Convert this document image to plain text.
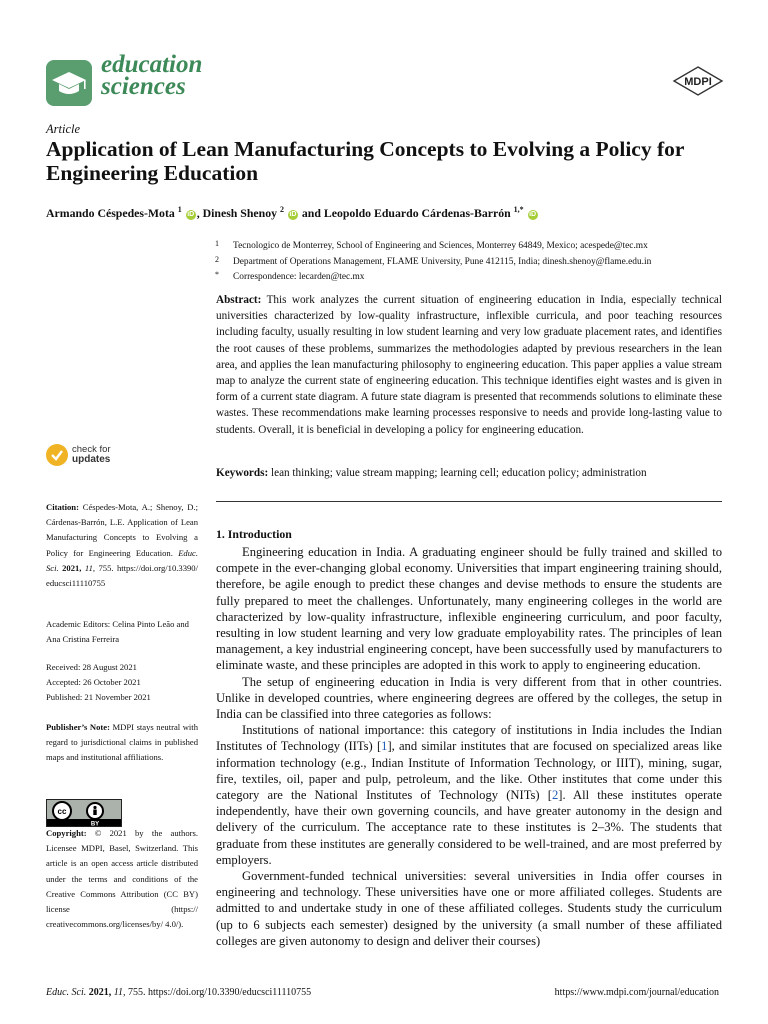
education
sciences	MDPI
Article
Application of Lean Manufacturing Concepts to Evolving a Policy for Engineering Education
Armando Céspedes-Mota $^1$ iD , Dinesh Shenoy $^2$ iD and Leopoldo Eduardo Cárdenas-Barrón $^{1,*}$ iD
1 Tecnologico de Monterrey, School of Engineering and Sciences, Monterrey 64849, Mexico; acespede@tec.mx
2 Department of Operations Management, FLAME University, Pune 412115, India; dinesh.shenoy@flame.edu.in
* Correspondence: lecarden@tec.mx
Abstract: This work analyzes the current situation of engineering education in India, especially technical universities characterized by low-quality infrastructure, inflexible curricula, and poor teaching resources including faculty, usually resulting in low student learning and very low graduate placement rates, and identifies the root causes of these problems, summarizes the methodologies adapted by previous researchers in the lean area, and applies the lean manufacturing philosophy to engineering education. This paper applies a value stream map to analyze the current state of engineering education. This technique identifies eight wastes and is given in form of a current state diagram. A future state diagram is presented that recommends solutions to eliminate these wastes. These recommendations make learning processes responsive to needs and provide long-lasting value to students. Overall, it is beneficial in developing a policy for engineering education.
Keywords: lean thinking; value stream mapping; learning cell; education policy; administration
check for
updates
Citation: Céspedes-Mota, A.; Shenoy, D.; Cárdenas-Barrón, L.E. Application of Lean Manufacturing Concepts to Evolving a Policy for Engineering Education. Educ. Sci. 2021, 11, 755. https://doi.org/10.3390/ educsci11110755
Academic Editors: Celina Pinto Leão and Ana Cristina Ferreira
Received: 28 August 2021
Accepted: 26 October 2021
Published: 21 November 2021
Publisher’s Note: MDPI stays neutral with regard to jurisdictional claims in published maps and institutional affiliations.
cc
BY
Copyright: © 2021 by the authors. Licensee MDPI, Basel, Switzerland. This article is an open access article distributed under the terms and conditions of the Creative Commons Attribution (CC BY) license (https:// creativecommons.org/licenses/by/ 4.0/).
1. Introduction

Engineering education in India. A graduating engineer should be fully trained and skilled to compete in the ever-changing global economy. Universities that impart engineering training should, therefore, be agile enough to predict these changes and devise methods to ensure the students are fully prepared to meet the challenges. Unfortunately, many engineering colleges in the world are characterized by low-quality infrastructure, inflexible engineering curriculum, and poor faculty, resulting in low student learning and very low graduate employability rates. The principles of lean management, a key industrial engineering concept, have been successfully used by manufacturers to eliminate waste, and these principles are adopted in this work to apply to engineering education.

The setup of engineering education in India is very different from that in other countries. Unlike in developed countries, where engineering degrees are offered by the colleges, the setup in India can be classified into three categories as follows:

Institutions of national importance: this category of institutions in India includes the Indian Institutes of Technology (IITs) [1], and similar institutes that are focused on specialized areas like information technology (e.g., Indian Institute of Information Technology, or IIIT), mining, sugar, fire, textiles, oil, paper and pulp, petroleum, and the like. Other institutes that come under this category are the National Institutes of Technology (NITs) [2]. All these institutes operate independently, have their own governing councils, and have greater autonomy in the design and delivery of the curriculum. The acceptance rate to these institutes is 2–3%. The students that graduate from these institutes are generally considered to be well-trained, and are most preferred by employers.

Government-funded technical universities: several universities in India offer courses in engineering and technology. These universities have one or more affiliated colleges. Students are admitted to and undertake study in one of these affiliated colleges. Students study the curriculum (up to 6 subjects each semester) designed by the university (a small number of these affiliated colleges are given autonomy to design and deliver their courses)

Educ. Sci. 2021, 11, 755. https://doi.org/10.3390/educsci11110755	https://www.mdpi.com/journal/education
